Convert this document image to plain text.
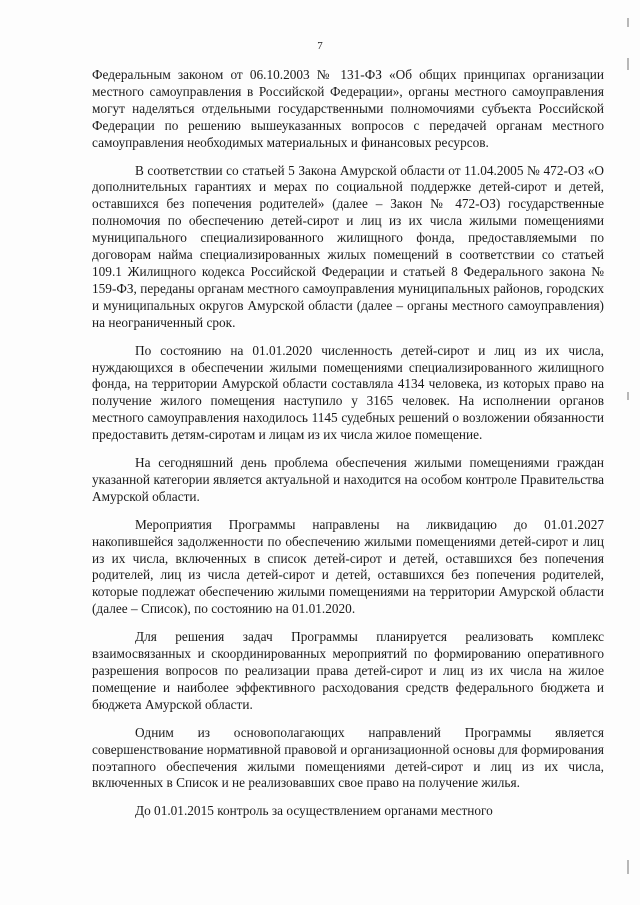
7

Федеральным законом от 06.10.2003 № 131-ФЗ «Об общих принципах организации местного самоуправления в Российской Федерации», органы местного самоуправления могут наделяться отдельными государственными полномочиями субъекта Российской Федерации по решению вышеуказанных вопросов с передачей органам местного самоуправления необходимых материальных и финансовых ресурсов.

В соответствии со статьей 5 Закона Амурской области от 11.04.2005 № 472-ОЗ «О дополнительных гарантиях и мерах по социальной поддержке детей-сирот и детей, оставшихся без попечения родителей» (далее – Закон № 472-ОЗ) государственные полномочия по обеспечению детей-сирот и лиц из их числа жилыми помещениями муниципального специализированного жилищного фонда, предоставляемыми по договорам найма специализированных жилых помещений в соответствии со статьей 109.1 Жилищного кодекса Российской Федерации и статьей 8 Федерального закона № 159-ФЗ, переданы органам местного самоуправления муниципальных районов, городских и муниципальных округов Амурской области (далее – органы местного самоуправления) на неограниченный срок.

По состоянию на 01.01.2020 численность детей-сирот и лиц из их числа, нуждающихся в обеспечении жилыми помещениями специализированного жилищного фонда, на территории Амурской области составляла 4134 человека, из которых право на получение жилого помещения наступило у 3165 человек. На исполнении органов местного самоуправления находилось 1145 судебных решений о возложении обязанности предоставить детям-сиротам и лицам из их числа жилое помещение.

На сегодняшний день проблема обеспечения жилыми помещениями граждан указанной категории является актуальной и находится на особом контроле Правительства Амурской области.

Мероприятия Программы направлены на ликвидацию до 01.01.2027 накопившейся задолженности по обеспечению жилыми помещениями детей-сирот и лиц из их числа, включенных в список детей-сирот и детей, оставшихся без попечения родителей, лиц из числа детей-сирот и детей, оставшихся без попечения родителей, которые подлежат обеспечению жилыми помещениями на территории Амурской области (далее – Список), по состоянию на 01.01.2020.

Для решения задач Программы планируется реализовать комплекс взаимосвязанных и скоординированных мероприятий по формированию оперативного разрешения вопросов по реализации права детей-сирот и лиц из их числа на жилое помещение и наиболее эффективного расходования средств федерального бюджета и бюджета Амурской области.

Одним из основополагающих направлений Программы является совершенствование нормативной правовой и организационной основы для формирования поэтапного обеспечения жилыми помещениями детей-сирот и лиц из их числа, включенных в Список и не реализовавших свое право на получение жилья.

До 01.01.2015 контроль за осуществлением органами местного
